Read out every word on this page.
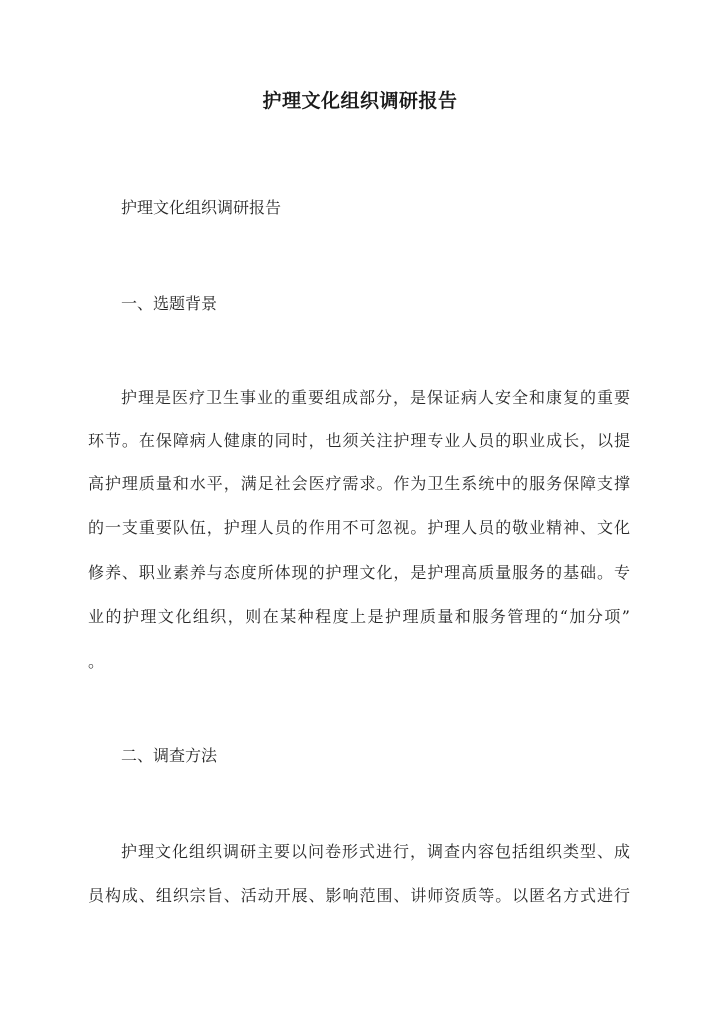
护理文化组织调研报告
护理文化组织调研报告
一、选题背景
护理是医疗卫生事业的重要组成部分，是保证病人安全和康复的重要
环节。在保障病人健康的同时，也须关注护理专业人员的职业成长，以提
高护理质量和水平，满足社会医疗需求。作为卫生系统中的服务保障支撑
的一支重要队伍，护理人员的作用不可忽视。护理人员的敬业精神、文化
修养、职业素养与态度所体现的护理文化，是护理高质量服务的基础。专
业的护理文化组织，则在某种程度上是护理质量和服务管理的“加分项”
。
二、调查方法
护理文化组织调研主要以问卷形式进行，调查内容包括组织类型、成
员构成、组织宗旨、活动开展、影响范围、讲师资质等。以匿名方式进行
